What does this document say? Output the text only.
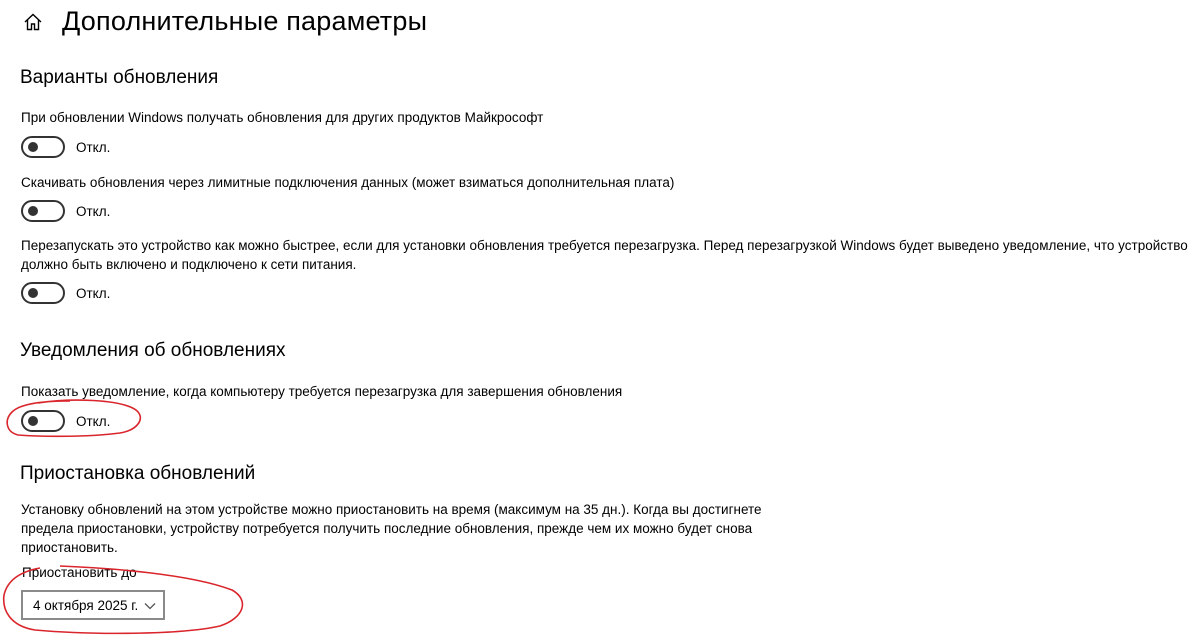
Дополнительные параметры
Варианты обновления
При обновлении Windows получать обновления для других продуктов Майкрософт
Откл.
Скачивать обновления через лимитные подключения данных (может взиматься дополнительная плата)
Откл.
Перезапускать это устройство как можно быстрее, если для установки обновления требуется перезагрузка. Перед перезагрузкой Windows будет выведено уведомление, что устройство
должно быть включено и подключено к сети питания.
Откл.
Уведомления об обновлениях
Показать уведомление, когда компьютеру требуется перезагрузка для завершения обновления
Откл.
Приостановка обновлений
Установку обновлений на этом устройстве можно приостановить на время (максимум на 35 дн.). Когда вы достигнете
предела приостановки, устройству потребуется получить последние обновления, прежде чем их можно будет снова
приостановить.
Приостановить до
4 октября 2025 г.
